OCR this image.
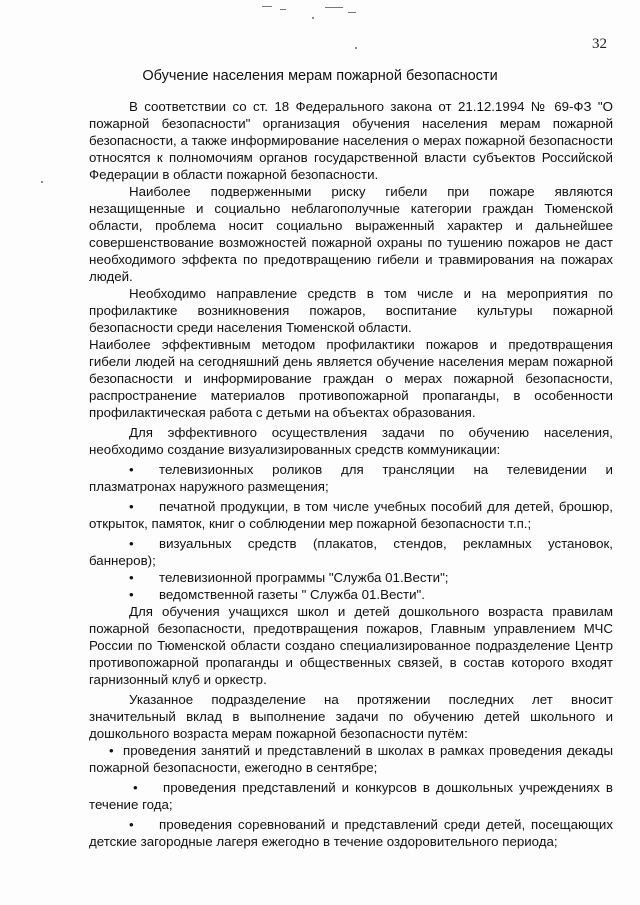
32
Обучение населения мерам пожарной безопасности

В соответствии со ст. 18 Федерального закона от 21.12.1994 № 69-ФЗ "О пожарной безопасности" организация обучения населения мерам пожарной безопасности, а также информирование населения о мерах пожарной безопасности относятся к полномочиям органов государственной власти субъектов Российской Федерации в области пожарной безопасности.

Наиболее подверженными риску гибели при пожаре являются незащищенные и социально неблагополучные категории граждан Тюменской области, проблема носит социально выраженный характер и дальнейшее совершенствование возможностей пожарной охраны по тушению пожаров не даст необходимого эффекта по предотвращению гибели и травмирования на пожарах людей.

Необходимо направление средств в том числе и на мероприятия по профилактике возникновения пожаров, воспитание культуры пожарной безопасности среди населения Тюменской области.

Наиболее эффективным методом профилактики пожаров и предотвращения гибели людей на сегодняшний день является обучение населения мерам пожарной безопасности и информирование граждан о мерах пожарной безопасности, распространение материалов противопожарной пропаганды, в особенности профилактическая работа с детьми на объектах образования.

Для эффективного осуществления задачи по обучению населения, необходимо создание визуализированных средств коммуникации:

• телевизионных роликов для трансляции на телевидении и плазматронах наружного размещения;

• печатной продукции, в том числе учебных пособий для детей, брошюр, открыток, памяток, книг о соблюдении мер пожарной безопасности т.п.;

• визуальных средств (плакатов, стендов, рекламных установок, баннеров);

• телевизионной программы "Служба 01.Вести";

• ведомственной газеты " Служба 01.Вести".

Для обучения учащихся школ и детей дошкольного возраста правилам пожарной безопасности, предотвращения пожаров, Главным управлением МЧС России по Тюменской области создано специализированное подразделение Центр противопожарной пропаганды и общественных связей, в состав которого входят гарнизонный клуб и оркестр.

Указанное подразделение на протяжении последних лет вносит значительный вклад в выполнение задачи по обучению детей школьного и дошкольного возраста мерам пожарной безопасности путём:

• проведения занятий и представлений в школах в рамках проведения декады пожарной безопасности, ежегодно в сентябре;

• проведения представлений и конкурсов в дошкольных учреждениях в течение года;

• проведения соревнований и представлений среди детей, посещающих детские загородные лагеря ежегодно в течение оздоровительного периода;
